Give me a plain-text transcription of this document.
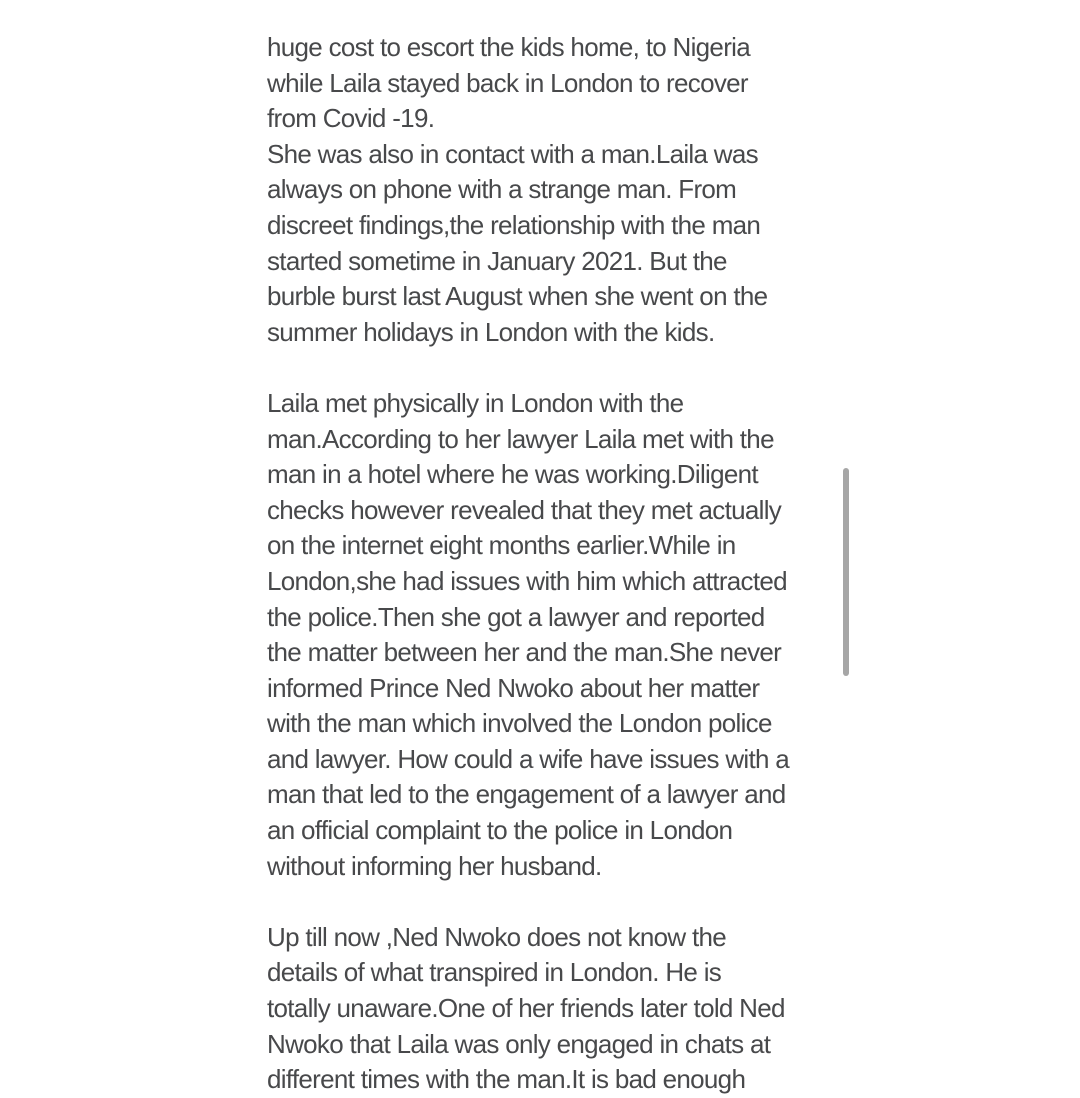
huge cost to escort the kids home, to Nigeria
while Laila stayed back in London to recover
from Covid -19.
She was also in contact with a man.Laila was
always on phone with a strange man. From
discreet findings,the relationship with the man
started sometime in January 2021. But the
burble burst last August when she went on the
summer holidays in London with the kids.
Laila met physically in London with the
man.According to her lawyer Laila met with the
man in a hotel where he was working.Diligent
checks however revealed that they met actually
on the internet eight months earlier.While in
London,she had issues with him which attracted
the police.Then she got a lawyer and reported
the matter between her and the man.She never
informed Prince Ned Nwoko about her matter
with the man which involved the London police
and lawyer. How could a wife have issues with a
man that led to the engagement of a lawyer and
an official complaint to the police in London
without informing her husband.
Up till now ,Ned Nwoko does not know the
details of what transpired in London. He is
totally unaware.One of her friends later told Ned
Nwoko that Laila was only engaged in chats at
different times with the man.It is bad enough
